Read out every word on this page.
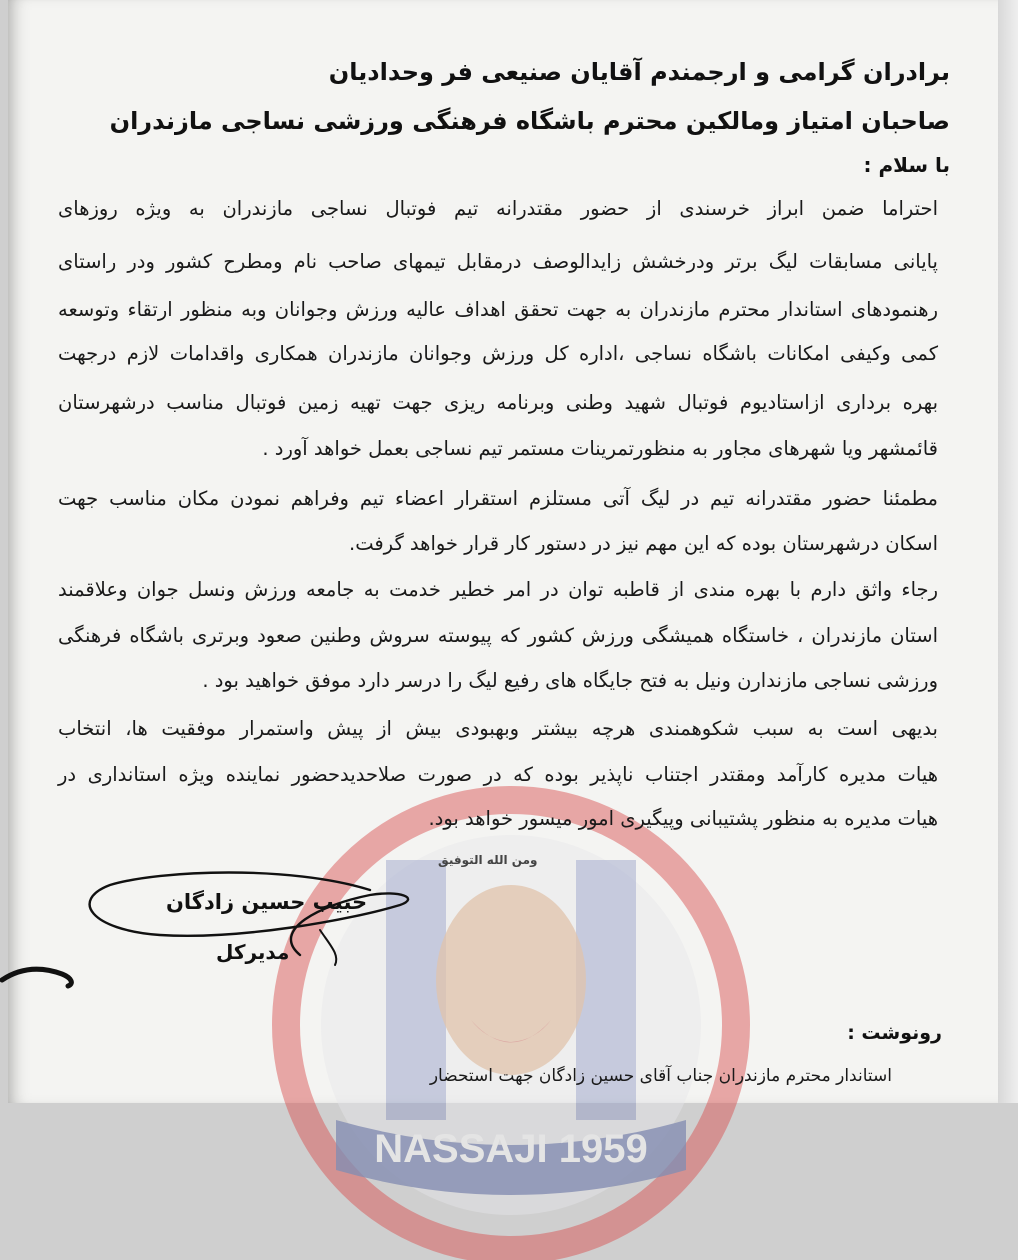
NASSAJI 1959
برادران گرامی و ارجمندم آقایان صنیعی فر وحدادیان
صاحبان امتیاز ومالکین محترم باشگاه فرهنگی ورزشی نساجی مازندران
با سلام :
احتراما ضمن ابراز خرسندی از حضور مقتدرانه تیم فوتبال نساجی مازندران به ویژه روزهای
پایانی مسابقات لیگ برتر ودرخشش زایدالوصف درمقابل تیمهای صاحب نام ومطرح کشور ودر راستای
رهنمودهای استاندار محترم مازندران به جهت تحقق اهداف عالیه ورزش وجوانان وبه منظور ارتقاء وتوسعه
کمی وکیفی امکانات باشگاه نساجی ،اداره کل ورزش وجوانان مازندران همکاری واقدامات لازم درجهت
بهره برداری ازاستادیوم فوتبال شهید وطنی وبرنامه ریزی جهت تهیه زمین فوتبال مناسب درشهرستان
قائمشهر ویا شهرهای مجاور به منظورتمرینات مستمر تیم نساجی بعمل خواهد آورد .
مطمئنا حضور مقتدرانه تیم در لیگ آتی مستلزم استقرار اعضاء تیم وفراهم نمودن مکان مناسب جهت
اسکان درشهرستان بوده که این مهم نیز در دستور کار قرار خواهد گرفت.
رجاء واثق دارم با بهره مندی از قاطبه توان در امر خطیر خدمت به جامعه ورزش ونسل جوان وعلاقمند
استان مازندران ، خاستگاه همیشگی ورزش کشور که پیوسته سروش وطنین صعود وبرتری باشگاه فرهنگی
ورزشی نساجی مازندارن ونیل به فتح جایگاه های رفیع لیگ را درسر دارد موفق خواهید بود .
بدیهی است به سبب شکوهمندی هرچه بیشتر وبهبودی بیش از پیش واستمرار موفقیت ها، انتخاب
هیات مدیره کارآمد ومقتدر اجتناب ناپذیر بوده که در صورت صلاحدیدحضور نماینده ویژه استانداری در
هیات مدیره به منظور پشتیبانی وپیگیری امور میسور خواهد بود.
ومن الله التوفیق
حبیب حسین زادگان
مدیرکل
رونوشت :
استاندار محترم مازندران جناب آقای حسین زادگان جهت استحضار
